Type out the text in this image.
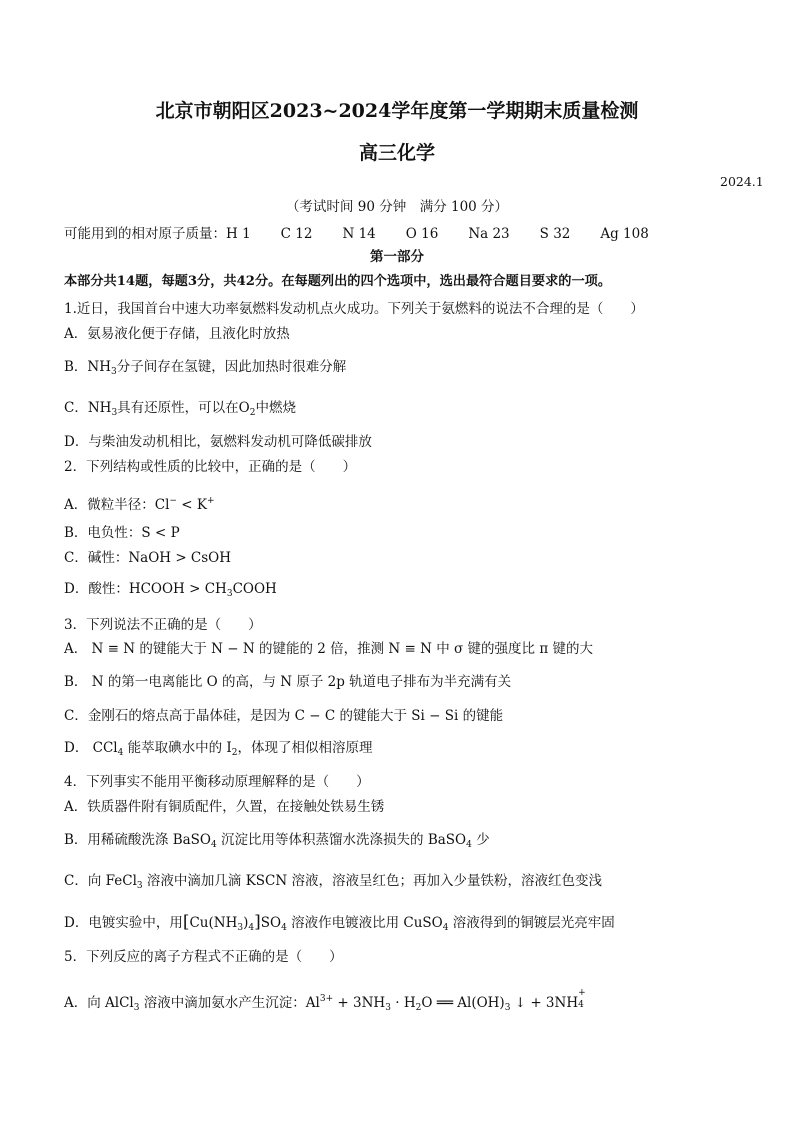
北京市朝阳区2023~2024学年度第一学期期末质量检测
高三化学
2024.1
（考试时间 90 分钟　满分 100 分）
可能用到的相对原子质量：H 1 C 12 N 14 O 16 Na 23 S 32 Ag 108
第一部分
本部分共14题，每题3分，共42分。在每题列出的四个选项中，选出最符合题目要求的一项。
1.近日，我国首台中速大功率氨燃料发动机点火成功。下列关于氨燃料的说法不合理的是（　　）
A．氨易液化便于存储，且液化时放热
B．$NH_3$分子间存在氢键，因此加热时很难分解
C．$NH_3$具有还原性，可以在$O_2$中燃烧
D．与柴油发动机相比，氨燃料发动机可降低碳排放
2．下列结构或性质的比较中，正确的是（　　）
A．微粒半径：Cl− < K+
B．电负性：S < P
C．碱性：NaOH > CsOH
D．酸性：HCOOH > $CH_3COOH$
3．下列说法不正确的是（　　）
A． N ≡ N 的键能大于 N − N 的键能的 2 倍，推测 N ≡ N 中 σ 键的强度比 π 键的大
B． N 的第一电离能比 O 的高，与 N 原子 2p 轨道电子排布为半充满有关
C．金刚石的熔点高于晶体硅，是因为 C − C 的键能大于 Si − Si 的键能
D． CCl$_4$ 能萃取碘水中的 $I_2$，体现了相似相溶原理
4．下列事实不能用平衡移动原理解释的是（　　）
A．铁质器件附有铜质配件，久置，在接触处铁易生锈
B．用稀硫酸洗涤 BaSO$_4$ 沉淀比用等体积蒸馏水洗涤损失的 BaSO$_4$ 少
C．向 FeCl$_3$ 溶液中滴加几滴 KSCN 溶液，溶液呈红色；再加入少量铁粉，溶液红色变浅
D．电镀实验中，用$[Cu(NH_3)_4]SO_4$ 溶液作电镀液比用 CuSO$_4$ 溶液得到的铜镀层光亮牢固
5．下列反应的离子方程式不正确的是（　　）
A．向 AlCl$_3$ 溶液中滴加氨水产生沉淀：$Al^{3+} + 3NH_3 \cdot H_2O$ ══ $Al(OH)_3$ ↓ + 3NH
+
4
